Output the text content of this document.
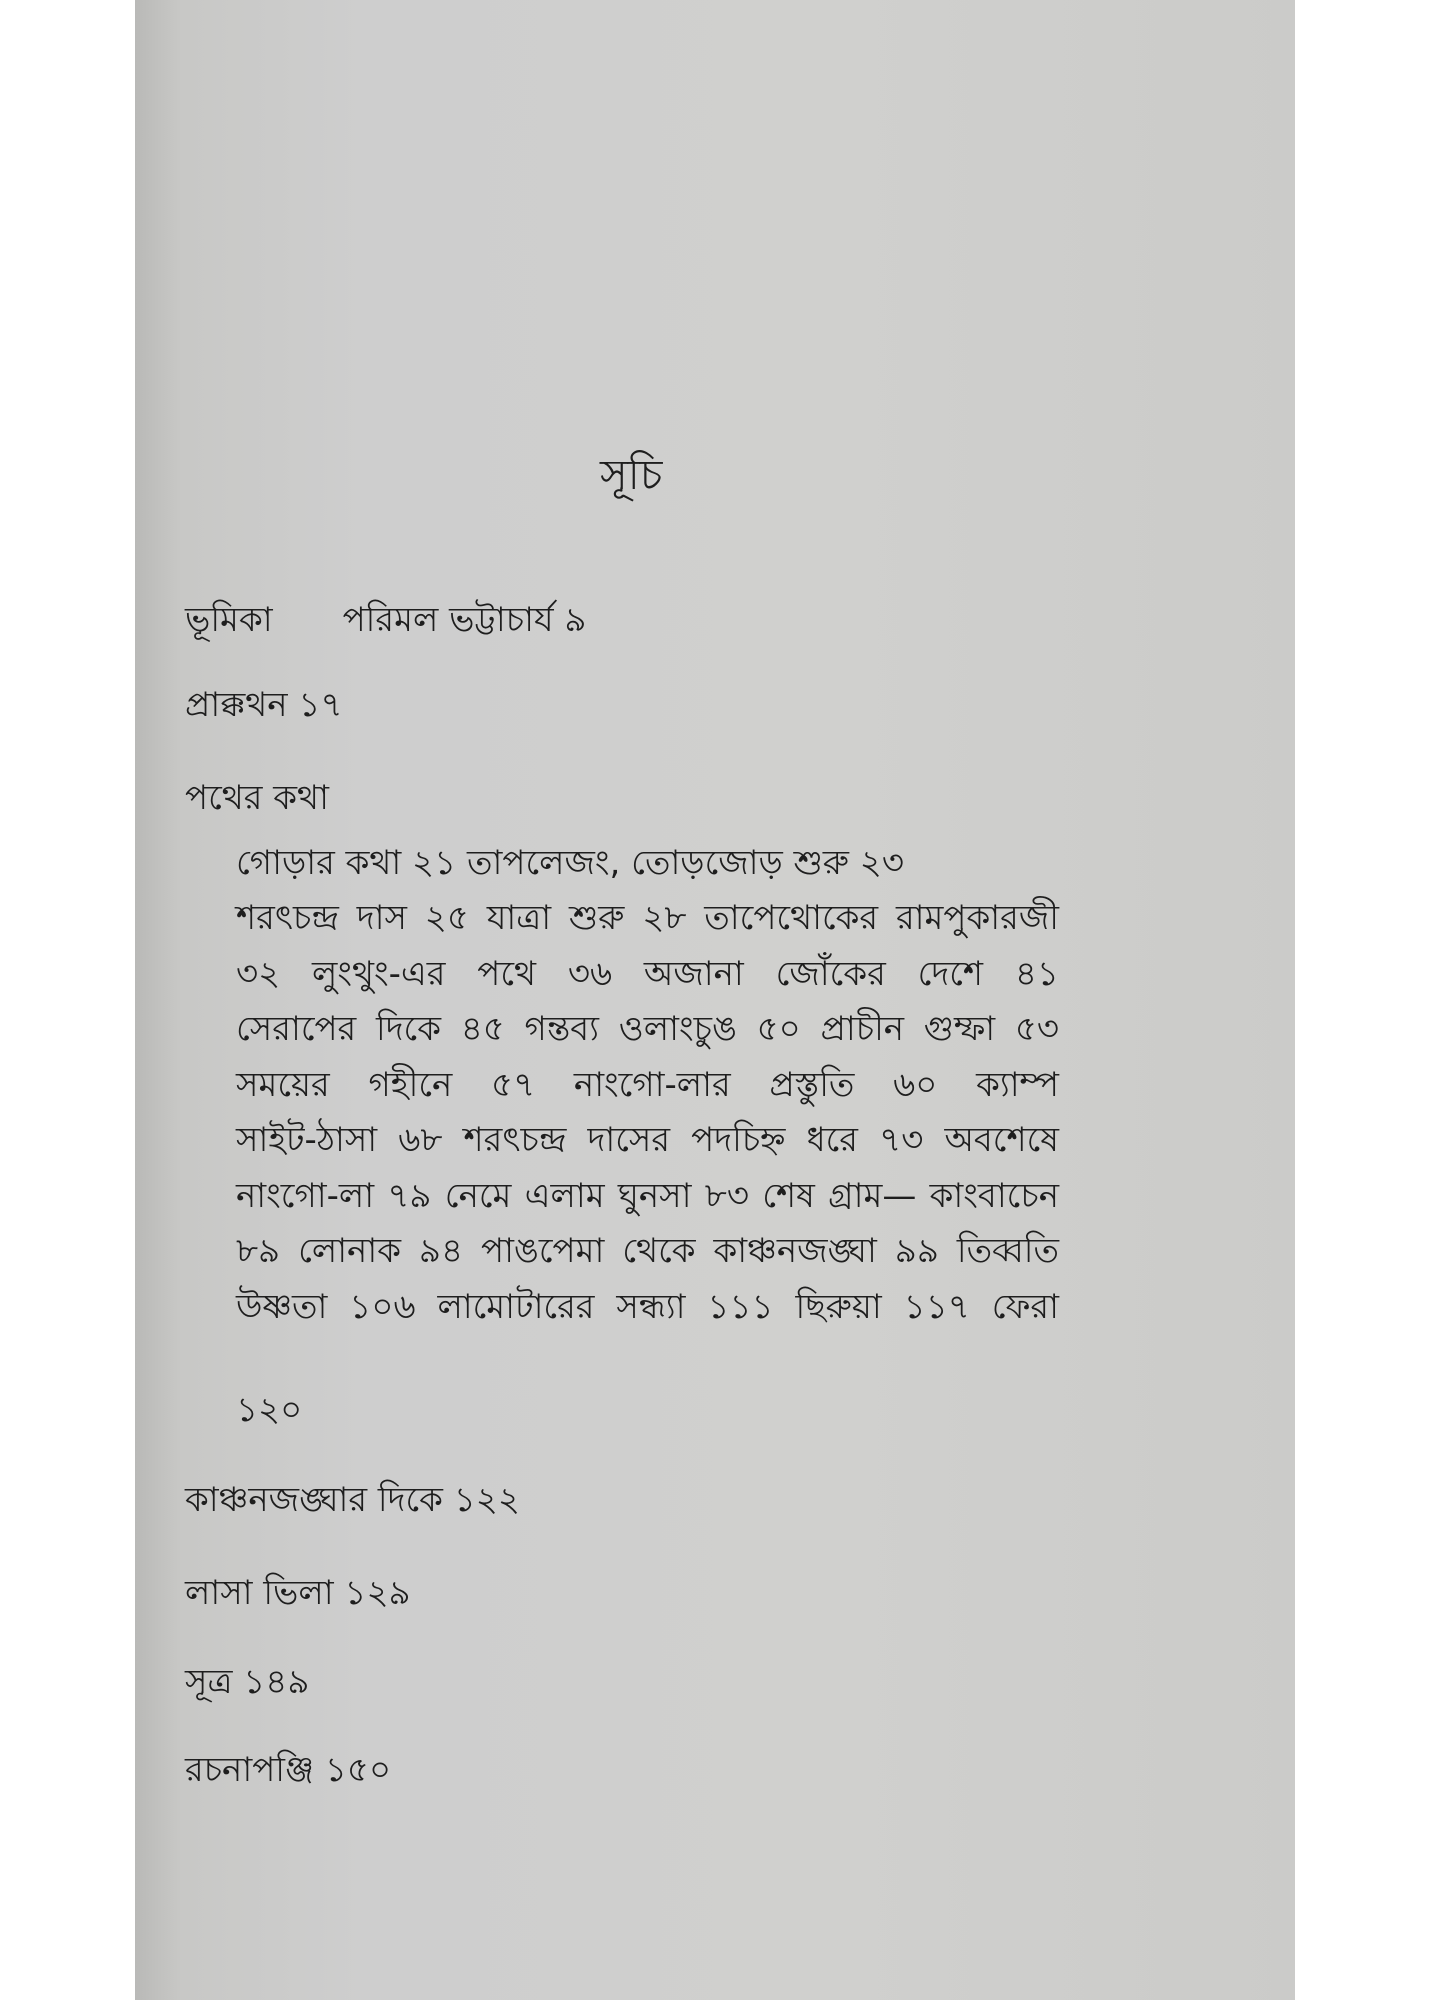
সূচি
ভূমিকা পরিমল ভট্টাচার্য ৯
প্রাক্কথন ১৭
পথের কথা
গোড়ার কথা ২১ তাপলেজং, তোড়জোড় শুরু ২৩
শরৎচন্দ্র দাস ২৫ যাত্রা শুরু ২৮ তাপেথোকের রামপুকারজী
৩২ লুংথুং-এর পথে ৩৬ অজানা জোঁকের দেশে ৪১
সেরাপের দিকে ৪৫ গন্তব্য ওলাংচুঙ ৫০ প্রাচীন গুম্ফা ৫৩
সময়ের গহীনে ৫৭ নাংগো-লার প্রস্তুতি ৬০ ক্যাম্প
সাইট-ঠাসা ৬৮ শরৎচন্দ্র দাসের পদচিহ্ন ধরে ৭৩ অবশেষে
নাংগো-লা ৭৯ নেমে এলাম ঘুনসা ৮৩ শেষ গ্রাম— কাংবাচেন
৮৯ লোনাক ৯৪ পাঙপেমা থেকে কাঞ্চনজঙ্ঘা ৯৯ তিব্বতি
উষ্ণতা ১০৬ লামোটারের সন্ধ্যা ১১১ ছিরুয়া ১১৭ ফেরা
১২০
কাঞ্চনজঙ্ঘার দিকে ১২২
লাসা ভিলা ১২৯
সূত্র ১৪৯
রচনাপঞ্জি ১৫০
